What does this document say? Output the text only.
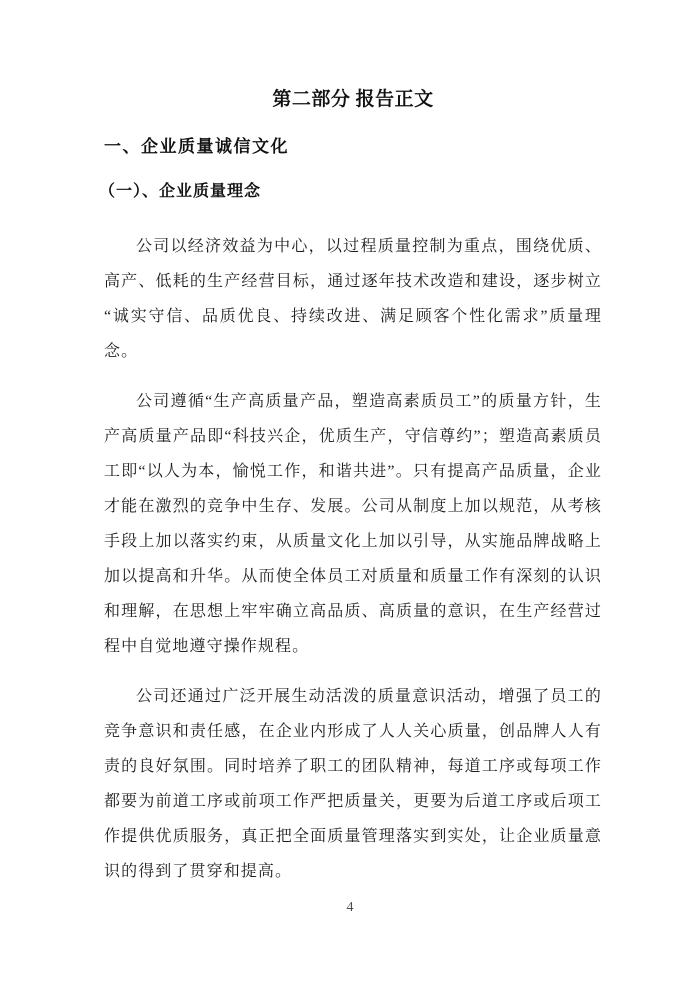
第二部分 报告正文
一、企业质量诚信文化
（一）、企业质量理念

公司以经济效益为中心，以过程质量控制为重点，围绕优质、高产、低耗的生产经营目标，通过逐年技术改造和建设，逐步树立“诚实守信、品质优良、持续改进、满足顾客个性化需求”质量理念。

公司遵循“生产高质量产品，塑造高素质员工”的质量方针，生产高质量产品即“科技兴企，优质生产，守信尊约”；塑造高素质员工即“以人为本，愉悦工作，和谐共进”。只有提高产品质量，企业才能在激烈的竞争中生存、发展。公司从制度上加以规范，从考核手段上加以落实约束，从质量文化上加以引导，从实施品牌战略上加以提高和升华。从而使全体员工对质量和质量工作有深刻的认识和理解，在思想上牢牢确立高品质、高质量的意识，在生产经营过程中自觉地遵守操作规程。

公司还通过广泛开展生动活泼的质量意识活动，增强了员工的竞争意识和责任感，在企业内形成了人人关心质量，创品牌人人有责的良好氛围。同时培养了职工的团队精神，每道工序或每项工作都要为前道工序或前项工作严把质量关，更要为后道工序或后项工作提供优质服务，真正把全面质量管理落实到实处，让企业质量意识的得到了贯穿和提高。

4
